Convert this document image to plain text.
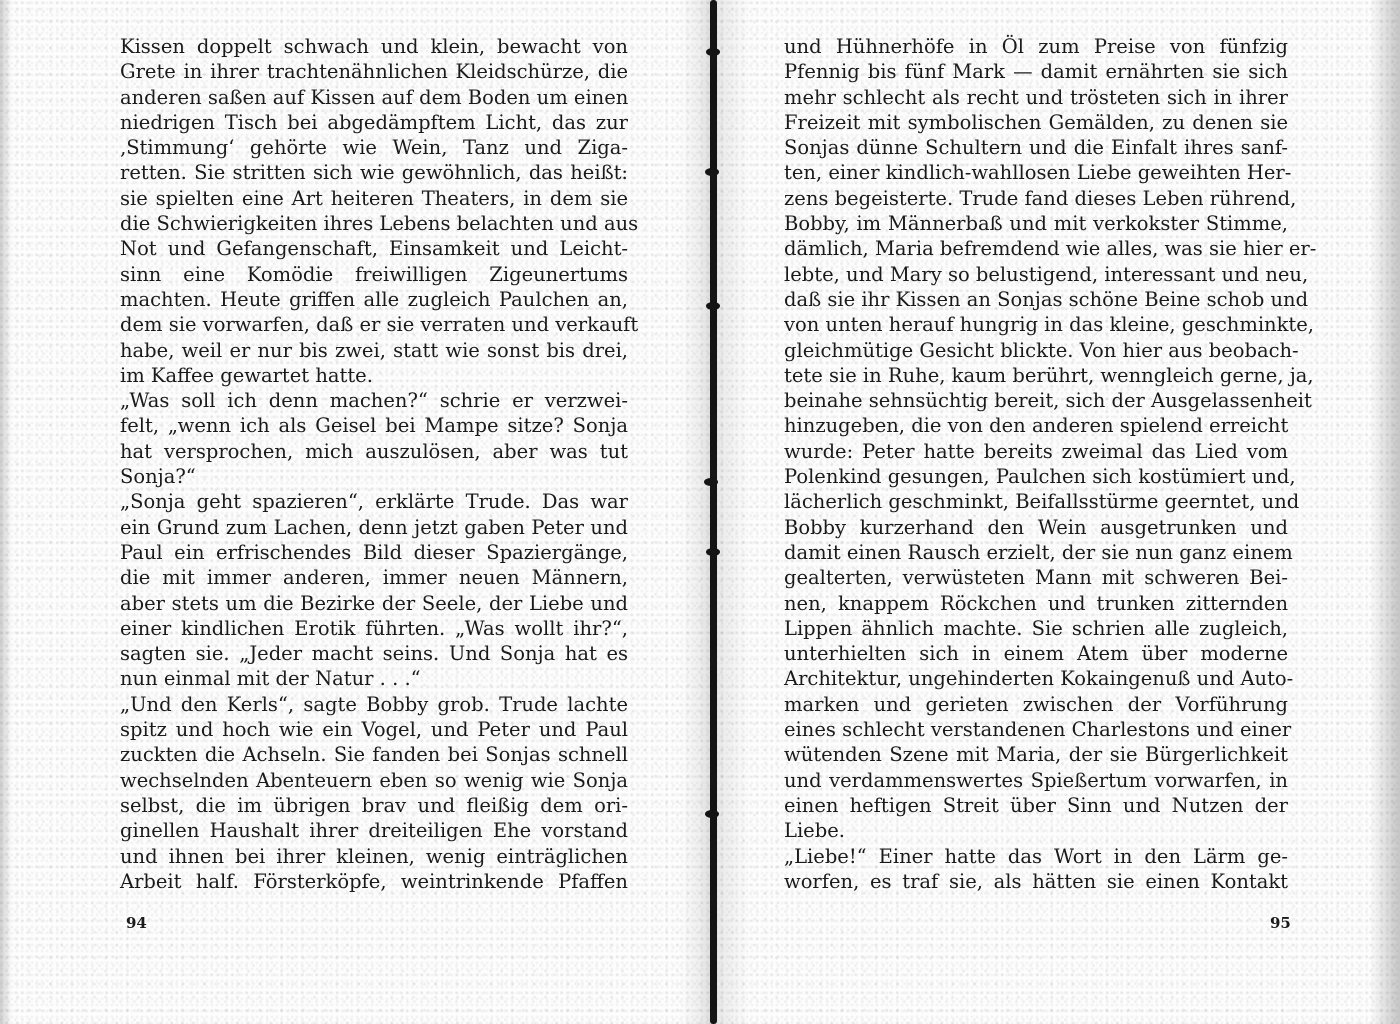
Kissen doppelt schwach und klein, bewacht von
Grete in ihrer trachtenähnlichen Kleidschürze, die
anderen saßen auf Kissen auf dem Boden um einen
niedrigen Tisch bei abgedämpftem Licht, das zur
‚Stimmung‘ gehörte wie Wein, Tanz und Ziga-
retten. Sie stritten sich wie gewöhnlich, das heißt:
sie spielten eine Art heiteren Theaters, in dem sie
die Schwierigkeiten ihres Lebens belachten und aus
Not und Gefangenschaft, Einsamkeit und Leicht-
sinn eine Komödie freiwilligen Zigeunertums
machten. Heute griffen alle zugleich Paulchen an,
dem sie vorwarfen, daß er sie verraten und verkauft
habe, weil er nur bis zwei, statt wie sonst bis drei,
im Kaffee gewartet hatte.
„Was soll ich denn machen?“ schrie er verzwei-
felt, „wenn ich als Geisel bei Mampe sitze? Sonja
hat versprochen, mich auszulösen, aber was tut
Sonja?“
„Sonja geht spazieren“, erklärte Trude. Das war
ein Grund zum Lachen, denn jetzt gaben Peter und
Paul ein erfrischendes Bild dieser Spaziergänge,
die mit immer anderen, immer neuen Männern,
aber stets um die Bezirke der Seele, der Liebe und
einer kindlichen Erotik führten. „Was wollt ihr?“,
sagten sie. „Jeder macht seins. Und Sonja hat es
nun einmal mit der Natur . . .“
„Und den Kerls“, sagte Bobby grob. Trude lachte
spitz und hoch wie ein Vogel, und Peter und Paul
zuckten die Achseln. Sie fanden bei Sonjas schnell
wechselnden Abenteuern eben so wenig wie Sonja
selbst, die im übrigen brav und fleißig dem ori-
ginellen Haushalt ihrer dreiteiligen Ehe vorstand
und ihnen bei ihrer kleinen, wenig einträglichen
Arbeit half. Försterköpfe, weintrinkende Pfaffen
und Hühnerhöfe in Öl zum Preise von fünfzig
Pfennig bis fünf Mark — damit ernährten sie sich
mehr schlecht als recht und trösteten sich in ihrer
Freizeit mit symbolischen Gemälden, zu denen sie
Sonjas dünne Schultern und die Einfalt ihres sanf-
ten, einer kindlich-wahllosen Liebe geweihten Her-
zens begeisterte. Trude fand dieses Leben rührend,
Bobby, im Männerbaß und mit verkokster Stimme,
dämlich, Maria befremdend wie alles, was sie hier er-
lebte, und Mary so belustigend, interessant und neu,
daß sie ihr Kissen an Sonjas schöne Beine schob und
von unten herauf hungrig in das kleine, geschminkte,
gleichmütige Gesicht blickte. Von hier aus beobach-
tete sie in Ruhe, kaum berührt, wenngleich gerne, ja,
beinahe sehnsüchtig bereit, sich der Ausgelassenheit
hinzugeben, die von den anderen spielend erreicht
wurde: Peter hatte bereits zweimal das Lied vom
Polenkind gesungen, Paulchen sich kostümiert und,
lächerlich geschminkt, Beifallsstürme geerntet, und
Bobby kurzerhand den Wein ausgetrunken und
damit einen Rausch erzielt, der sie nun ganz einem
gealterten, verwüsteten Mann mit schweren Bei-
nen, knappem Röckchen und trunken zitternden
Lippen ähnlich machte. Sie schrien alle zugleich,
unterhielten sich in einem Atem über moderne
Architektur, ungehinderten Kokaingenuß und Auto-
marken und gerieten zwischen der Vorführung
eines schlecht verstandenen Charlestons und einer
wütenden Szene mit Maria, der sie Bürgerlichkeit
und verdammenswertes Spießertum vorwarfen, in
einen heftigen Streit über Sinn und Nutzen der
Liebe.
„Liebe!“ Einer hatte das Wort in den Lärm ge-
worfen, es traf sie, als hätten sie einen Kontakt
94	95
